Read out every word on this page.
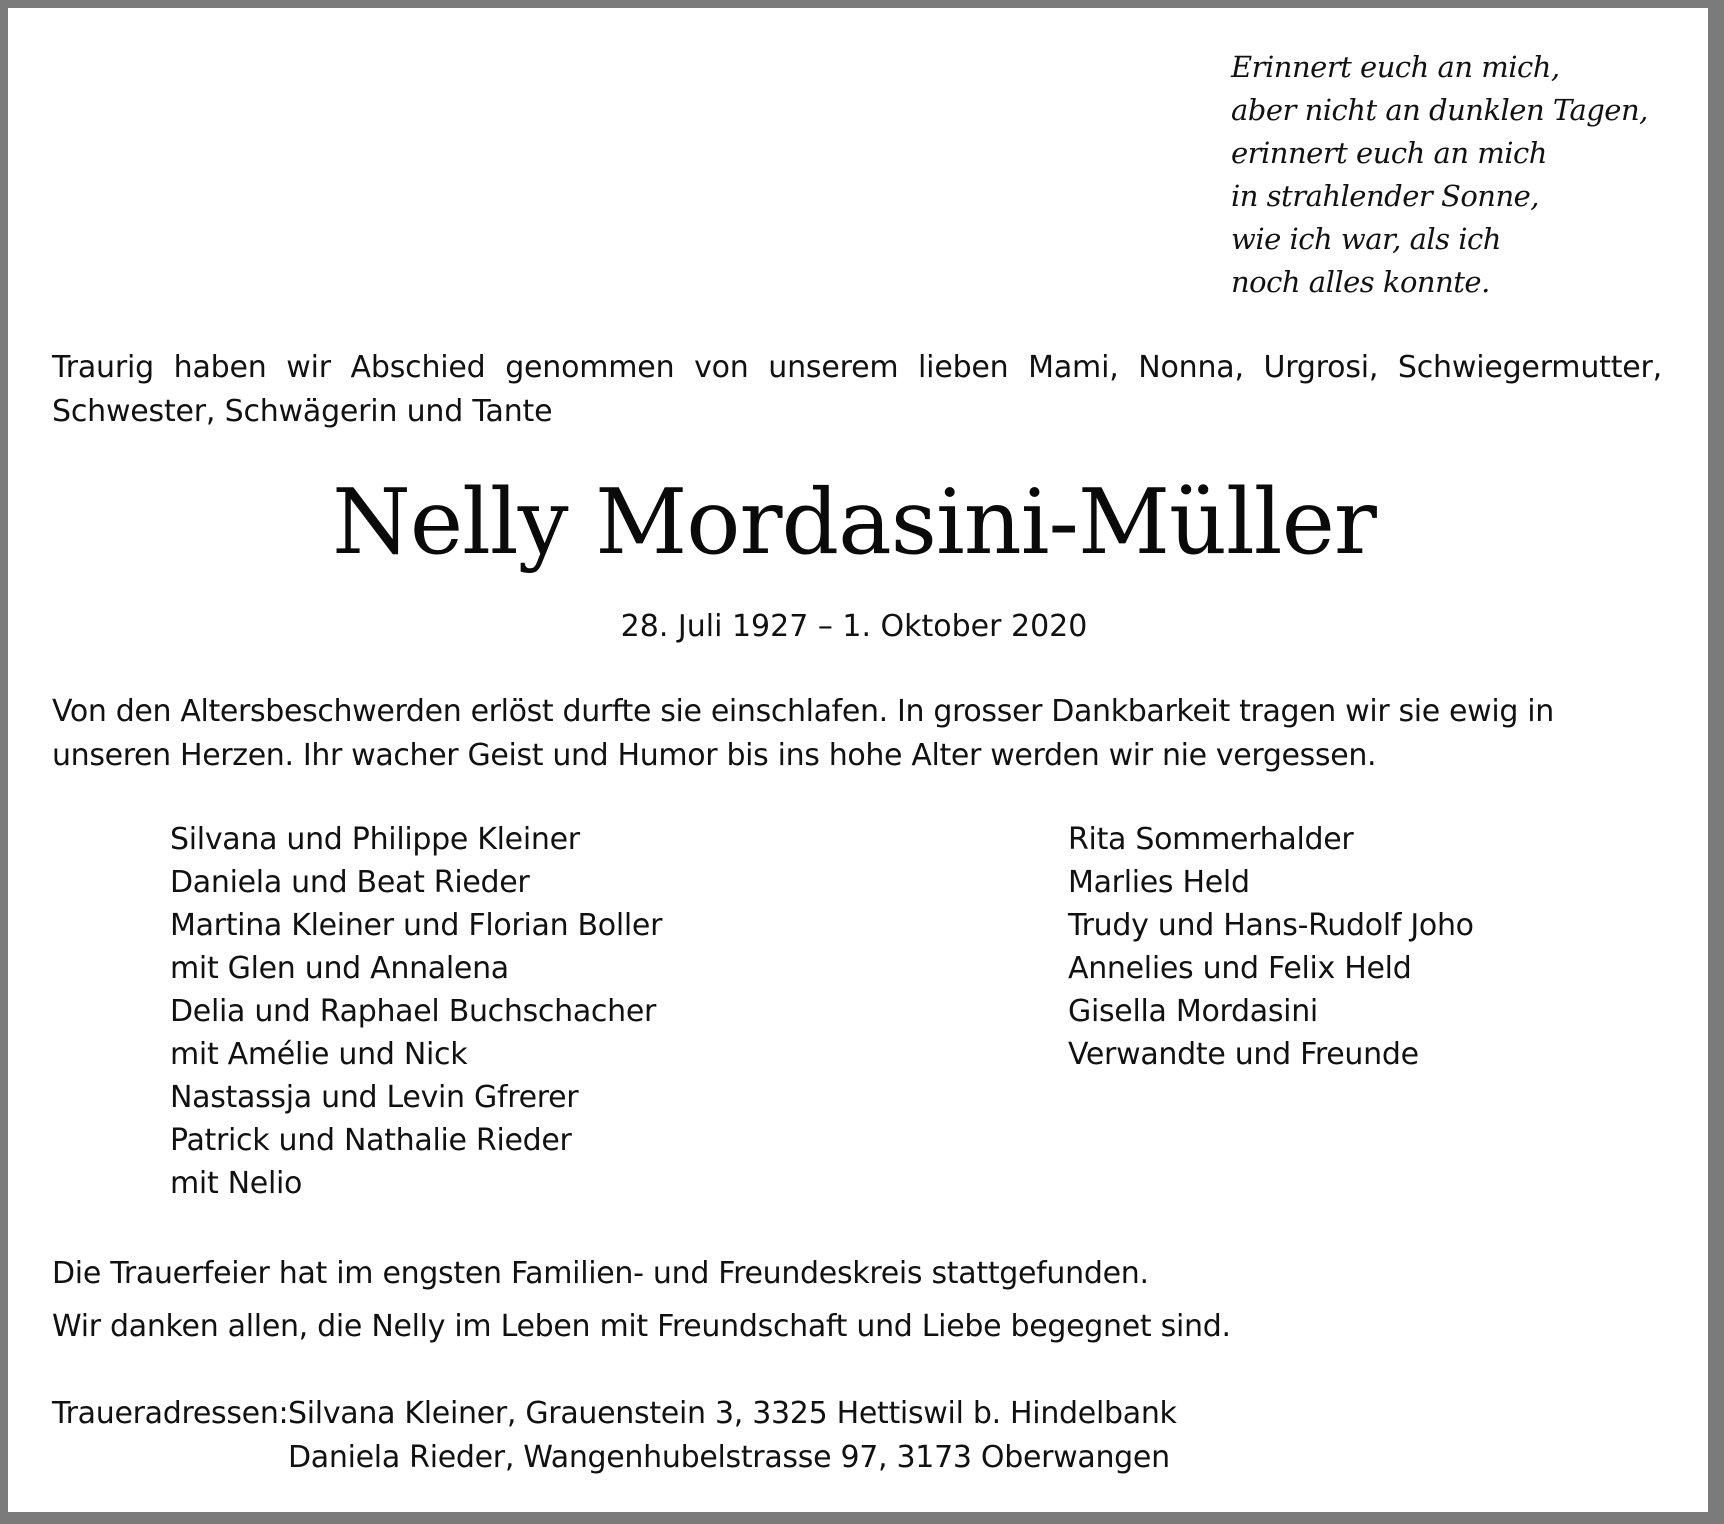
Erinnert euch an mich,
aber nicht an dunklen Tagen,
erinnert euch an mich
in strahlender Sonne,
wie ich war, als ich
noch alles konnte.
Traurig haben wir Abschied genommen von unserem lieben Mami, Nonna, Urgrosi, Schwiegermutter, Schwester, Schwägerin und Tante
Nelly Mordasini-Müller
28. Juli 1927 – 1. Oktober 2020
Von den Altersbeschwerden erlöst durfte sie einschlafen. In grosser Dankbarkeit tragen wir sie ewig in unseren Herzen. Ihr wacher Geist und Humor bis ins hohe Alter werden wir nie vergessen.
Silvana und Philippe Kleiner
Daniela und Beat Rieder
Martina Kleiner und Florian Boller
mit Glen und Annalena
Delia und Raphael Buchschacher
mit Amélie und Nick
Nastassja und Levin Gfrerer
Patrick und Nathalie Rieder
mit Nelio
Rita Sommerhalder
Marlies Held
Trudy und Hans-Rudolf Joho
Annelies und Felix Held
Gisella Mordasini
Verwandte und Freunde
Die Trauerfeier hat im engsten Familien- und Freundeskreis stattgefunden.
Wir danken allen, die Nelly im Leben mit Freundschaft und Liebe begegnet sind.
Traueradressen: Silvana Kleiner, Grauenstein 3, 3325 Hettiswil b. Hindelbank
Daniela Rieder, Wangenhubelstrasse 97, 3173 Oberwangen
